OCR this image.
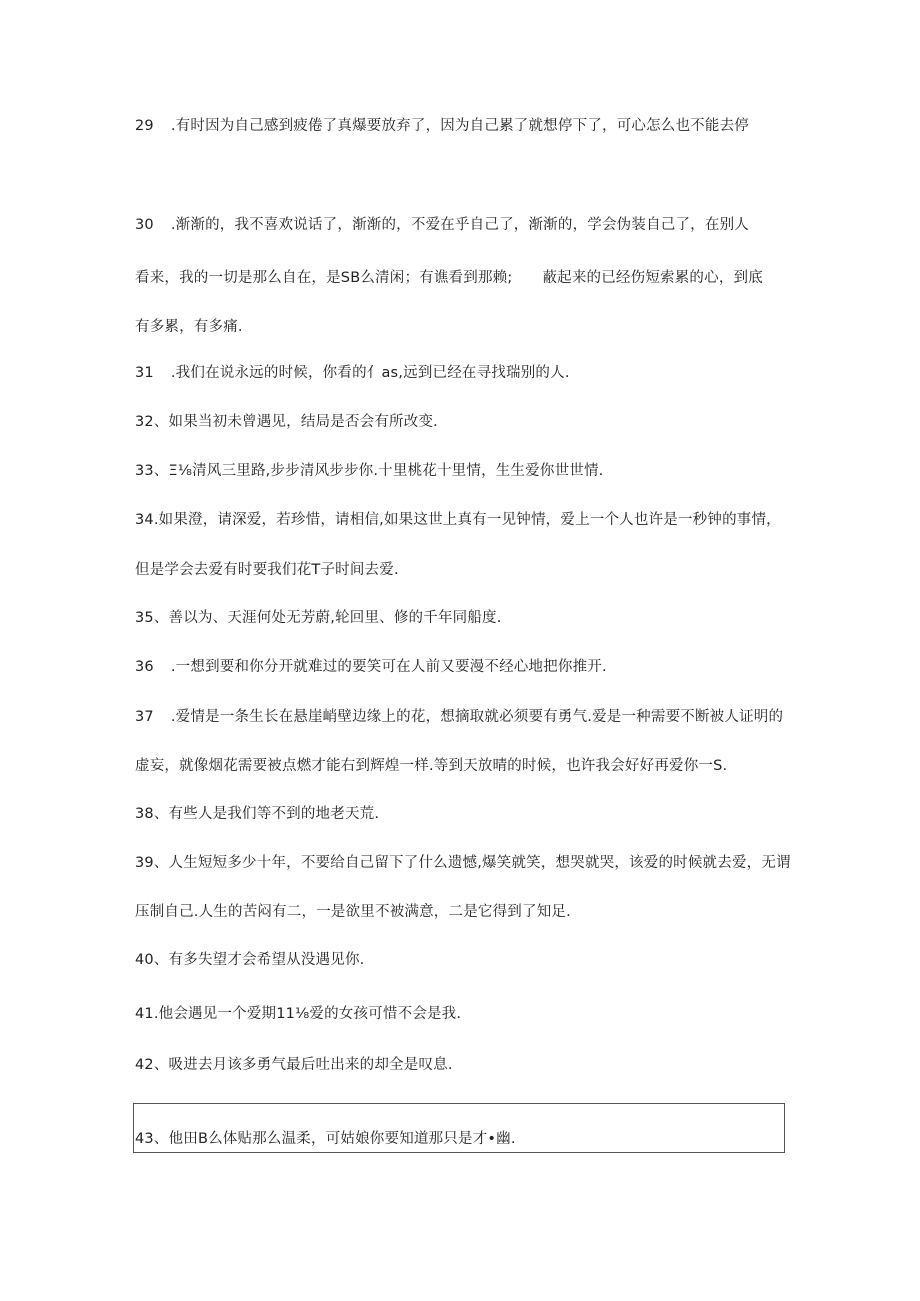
29 .有时因为自己感到疲倦了真爆要放弃了，因为自己累了就想停下了，可心怎么也不能去停
30 .渐渐的，我不喜欢说话了，渐渐的，不爱在乎自己了，渐渐的，学会伪装自己了，在别人
看来，我的一切是那么自在，是SB么清闲；有谯看到那赖; 蔽起来的已经伤短索累的心，到底
有多累，有多痛.
31 .我们在说永远的时候，你看的亻as,远到已经在寻找瑞别的人.
32、如果当初未曾遇见，结局是否会有所改变.
33、Ξ⅛清风三里路,步步清风步步你.十里桃花十里情，生生爱你世世情.
34.如果澄，请深爱，若珍惜，请相信,如果这世上真有一见钟情，爱上一个人也许是一秒钟的事情，
但是学会去爱有时要我们花T子时间去爱.
35、善以为、天涯何处无芳蔚,轮回里、修的千年同船度.
36 .一想到要和你分开就难过的要笑可在人前又要漫不经心地把你推开.
37 .爱情是一条生长在悬崖峭壁边缘上的花，想摘取就必须要有勇气.爱是一种需要不断被人证明的
虚妄，就像烟花需要被点燃才能右到辉煌一样.等到天放晴的时候，也许我会好好再爱你一S.
38、有些人是我们等不到的地老天荒.
39、人生短短多少十年，不要给自己留下了什么遗憾,爆笑就笑，想哭就哭，该爱的时候就去爱，无谓
压制自己.人生的苦闷有二，一是欲里不被满意，二是它得到了知足.
40、有多失望才会希望从没遇见你.
41.他会遇见一个爱期11⅛爱的女孩可惜不会是我.
42、吸进去月该多勇气最后吐出来的却全是叹息.
43、他田B么体贴那么温柔，可姑娘你要知道那只是才•幽.
